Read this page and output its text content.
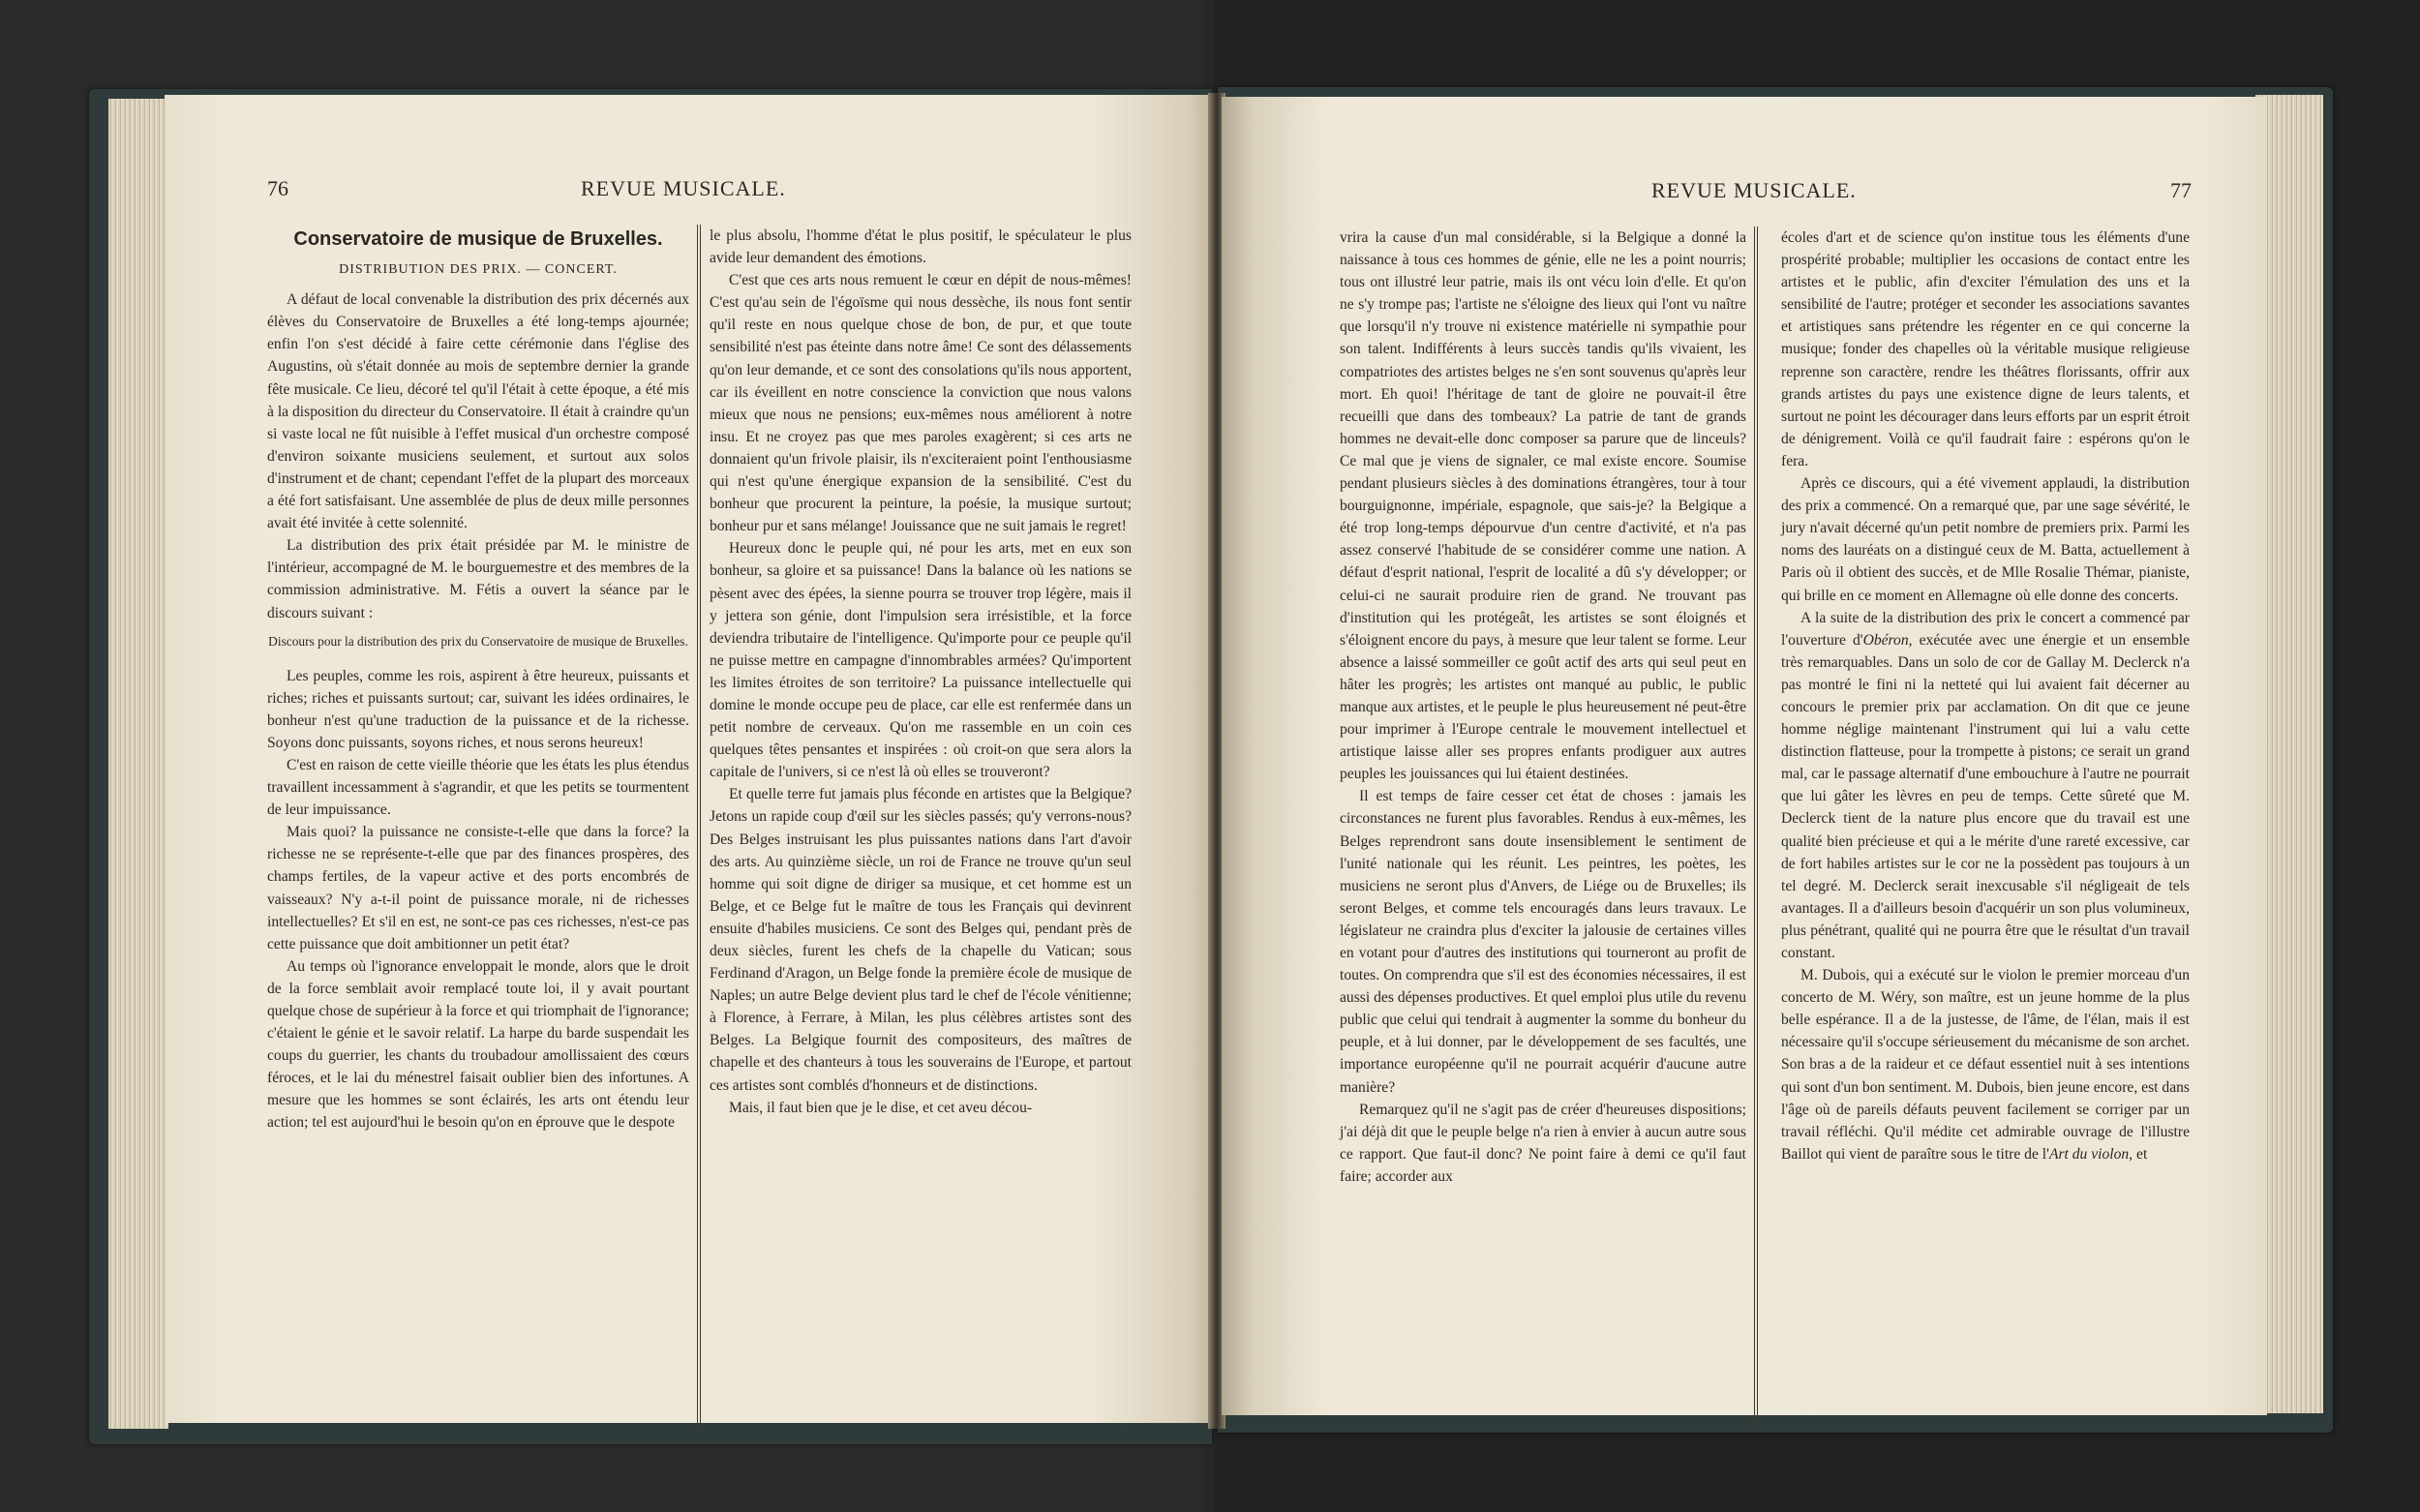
76	REVUE MUSICALE.

Conservatoire de musique de Bruxelles.

DISTRIBUTION DES PRIX. — CONCERT.

A défaut de local convenable la distribution des prix décernés aux élèves du Conservatoire de Bruxelles a été long-temps ajournée; enfin l'on s'est décidé à faire cette cérémonie dans l'église des Augustins, où s'était donnée au mois de septembre dernier la grande fête musicale. Ce lieu, décoré tel qu'il l'était à cette époque, a été mis à la disposition du directeur du Conservatoire. Il était à craindre qu'un si vaste local ne fût nuisible à l'effet musical d'un orchestre composé d'environ soixante musiciens seulement, et surtout aux solos d'instrument et de chant; cependant l'effet de la plupart des morceaux a été fort satisfaisant. Une assemblée de plus de deux mille personnes avait été invitée à cette solennité.

La distribution des prix était présidée par M. le ministre de l'intérieur, accompagné de M. le bourguemestre et des membres de la commission administrative. M. Fétis a ouvert la séance par le discours suivant :

Discours pour la distribution des prix du Conservatoire de musique de Bruxelles.

Les peuples, comme les rois, aspirent à être heureux, puissants et riches; riches et puissants surtout; car, suivant les idées ordinaires, le bonheur n'est qu'une traduction de la puissance et de la richesse. Soyons donc puissants, soyons riches, et nous serons heureux!

C'est en raison de cette vieille théorie que les états les plus étendus travaillent incessamment à s'agrandir, et que les petits se tourmentent de leur impuissance.

Mais quoi? la puissance ne consiste-t-elle que dans la force? la richesse ne se représente-t-elle que par des finances prospères, des champs fertiles, de la vapeur active et des ports encombrés de vaisseaux? N'y a-t-il point de puissance morale, ni de richesses intellectuelles? Et s'il en est, ne sont-ce pas ces richesses, n'est-ce pas cette puissance que doit ambitionner un petit état?

Au temps où l'ignorance enveloppait le monde, alors que le droit de la force semblait avoir remplacé toute loi, il y avait pourtant quelque chose de supérieur à la force et qui triomphait de l'ignorance; c'étaient le génie et le savoir relatif. La harpe du barde suspendait les coups du guerrier, les chants du troubadour amollissaient des cœurs féroces, et le lai du ménestrel faisait oublier bien des infortunes. A mesure que les hommes se sont éclairés, les arts ont étendu leur action; tel est aujourd'hui le besoin qu'on en éprouve que le despote

le plus absolu, l'homme d'état le plus positif, le spéculateur le plus avide leur demandent des émotions.

C'est que ces arts nous remuent le cœur en dépit de nous-mêmes! C'est qu'au sein de l'égoïsme qui nous dessèche, ils nous font sentir qu'il reste en nous quelque chose de bon, de pur, et que toute sensibilité n'est pas éteinte dans notre âme! Ce sont des délassements qu'on leur demande, et ce sont des consolations qu'ils nous apportent, car ils éveillent en notre conscience la conviction que nous valons mieux que nous ne pensions; eux-mêmes nous améliorent à notre insu. Et ne croyez pas que mes paroles exagèrent; si ces arts ne donnaient qu'un frivole plaisir, ils n'exciteraient point l'enthousiasme qui n'est qu'une énergique expansion de la sensibilité. C'est du bonheur que procurent la peinture, la poésie, la musique surtout; bonheur pur et sans mélange! Jouissance que ne suit jamais le regret!

Heureux donc le peuple qui, né pour les arts, met en eux son bonheur, sa gloire et sa puissance! Dans la balance où les nations se pèsent avec des épées, la sienne pourra se trouver trop légère, mais il y jettera son génie, dont l'impulsion sera irrésistible, et la force deviendra tributaire de l'intelligence. Qu'importe pour ce peuple qu'il ne puisse mettre en campagne d'innombrables armées? Qu'importent les limites étroites de son territoire? La puissance intellectuelle qui domine le monde occupe peu de place, car elle est renfermée dans un petit nombre de cerveaux. Qu'on me rassemble en un coin ces quelques têtes pensantes et inspirées : où croit-on que sera alors la capitale de l'univers, si ce n'est là où elles se trouveront?

Et quelle terre fut jamais plus féconde en artistes que la Belgique? Jetons un rapide coup d'œil sur les siècles passés; qu'y verrons-nous? Des Belges instruisant les plus puissantes nations dans l'art d'avoir des arts. Au quinzième siècle, un roi de France ne trouve qu'un seul homme qui soit digne de diriger sa musique, et cet homme est un Belge, et ce Belge fut le maître de tous les Français qui devinrent ensuite d'habiles musiciens. Ce sont des Belges qui, pendant près de deux siècles, furent les chefs de la chapelle du Vatican; sous Ferdinand d'Aragon, un Belge fonde la première école de musique de Naples; un autre Belge devient plus tard le chef de l'école vénitienne; à Florence, à Ferrare, à Milan, les plus célèbres artistes sont des Belges. La Belgique fournit des compositeurs, des maîtres de chapelle et des chanteurs à tous les souverains de l'Europe, et partout ces artistes sont comblés d'honneurs et de distinctions.

Mais, il faut bien que je le dise, et cet aveu décou-

REVUE MUSICALE.	77

vrira la cause d'un mal considérable, si la Belgique a donné la naissance à tous ces hommes de génie, elle ne les a point nourris; tous ont illustré leur patrie, mais ils ont vécu loin d'elle. Et qu'on ne s'y trompe pas; l'artiste ne s'éloigne des lieux qui l'ont vu naître que lorsqu'il n'y trouve ni existence matérielle ni sympathie pour son talent. Indifférents à leurs succès tandis qu'ils vivaient, les compatriotes des artistes belges ne s'en sont souvenus qu'après leur mort. Eh quoi! l'héritage de tant de gloire ne pouvait-il être recueilli que dans des tombeaux? La patrie de tant de grands hommes ne devait-elle donc composer sa parure que de linceuls? Ce mal que je viens de signaler, ce mal existe encore. Soumise pendant plusieurs siècles à des dominations étrangères, tour à tour bourguignonne, impériale, espagnole, que sais-je? la Belgique a été trop long-temps dépourvue d'un centre d'activité, et n'a pas assez conservé l'habitude de se considérer comme une nation. A défaut d'esprit national, l'esprit de localité a dû s'y développer; or celui-ci ne saurait produire rien de grand. Ne trouvant pas d'institution qui les protégeât, les artistes se sont éloignés et s'éloignent encore du pays, à mesure que leur talent se forme. Leur absence a laissé sommeiller ce goût actif des arts qui seul peut en hâter les progrès; les artistes ont manqué au public, le public manque aux artistes, et le peuple le plus heureusement né peut-être pour imprimer à l'Europe centrale le mouvement intellectuel et artistique laisse aller ses propres enfants prodiguer aux autres peuples les jouissances qui lui étaient destinées.

Il est temps de faire cesser cet état de choses : jamais les circonstances ne furent plus favorables. Rendus à eux-mêmes, les Belges reprendront sans doute insensiblement le sentiment de l'unité nationale qui les réunit. Les peintres, les poètes, les musiciens ne seront plus d'Anvers, de Liége ou de Bruxelles; ils seront Belges, et comme tels encouragés dans leurs travaux. Le législateur ne craindra plus d'exciter la jalousie de certaines villes en votant pour d'autres des institutions qui tourneront au profit de toutes. On comprendra que s'il est des économies nécessaires, il est aussi des dépenses productives. Et quel emploi plus utile du revenu public que celui qui tendrait à augmenter la somme du bonheur du peuple, et à lui donner, par le développement de ses facultés, une importance européenne qu'il ne pourrait acquérir d'aucune autre manière?

Remarquez qu'il ne s'agit pas de créer d'heureuses dispositions; j'ai déjà dit que le peuple belge n'a rien à envier à aucun autre sous ce rapport. Que faut-il donc? Ne point faire à demi ce qu'il faut faire; accorder aux

écoles d'art et de science qu'on institue tous les éléments d'une prospérité probable; multiplier les occasions de contact entre les artistes et le public, afin d'exciter l'émulation des uns et la sensibilité de l'autre; protéger et seconder les associations savantes et artistiques sans prétendre les régenter en ce qui concerne la musique; fonder des chapelles où la véritable musique religieuse reprenne son caractère, rendre les théâtres florissants, offrir aux grands artistes du pays une existence digne de leurs talents, et surtout ne point les décourager dans leurs efforts par un esprit étroit de dénigrement. Voilà ce qu'il faudrait faire : espérons qu'on le fera.

Après ce discours, qui a été vivement applaudi, la distribution des prix a commencé. On a remarqué que, par une sage sévérité, le jury n'avait décerné qu'un petit nombre de premiers prix. Parmi les noms des lauréats on a distingué ceux de M. Batta, actuellement à Paris où il obtient des succès, et de Mlle Rosalie Thémar, pianiste, qui brille en ce moment en Allemagne où elle donne des concerts.

A la suite de la distribution des prix le concert a commencé par l'ouverture d'Obéron, exécutée avec une énergie et un ensemble très remarquables. Dans un solo de cor de Gallay M. Declerck n'a pas montré le fini ni la netteté qui lui avaient fait décerner au concours le premier prix par acclamation. On dit que ce jeune homme néglige maintenant l'instrument qui lui a valu cette distinction flatteuse, pour la trompette à pistons; ce serait un grand mal, car le passage alternatif d'une embouchure à l'autre ne pourrait que lui gâter les lèvres en peu de temps. Cette sûreté que M. Declerck tient de la nature plus encore que du travail est une qualité bien précieuse et qui a le mérite d'une rareté excessive, car de fort habiles artistes sur le cor ne la possèdent pas toujours à un tel degré. M. Declerck serait inexcusable s'il négligeait de tels avantages. Il a d'ailleurs besoin d'acquérir un son plus volumineux, plus pénétrant, qualité qui ne pourra être que le résultat d'un travail constant.

M. Dubois, qui a exécuté sur le violon le premier morceau d'un concerto de M. Wéry, son maître, est un jeune homme de la plus belle espérance. Il a de la justesse, de l'âme, de l'élan, mais il est nécessaire qu'il s'occupe sérieusement du mécanisme de son archet. Son bras a de la raideur et ce défaut essentiel nuit à ses intentions qui sont d'un bon sentiment. M. Dubois, bien jeune encore, est dans l'âge où de pareils défauts peuvent facilement se corriger par un travail réfléchi. Qu'il médite cet admirable ouvrage de l'illustre Baillot qui vient de paraître sous le titre de l'Art du violon, et
